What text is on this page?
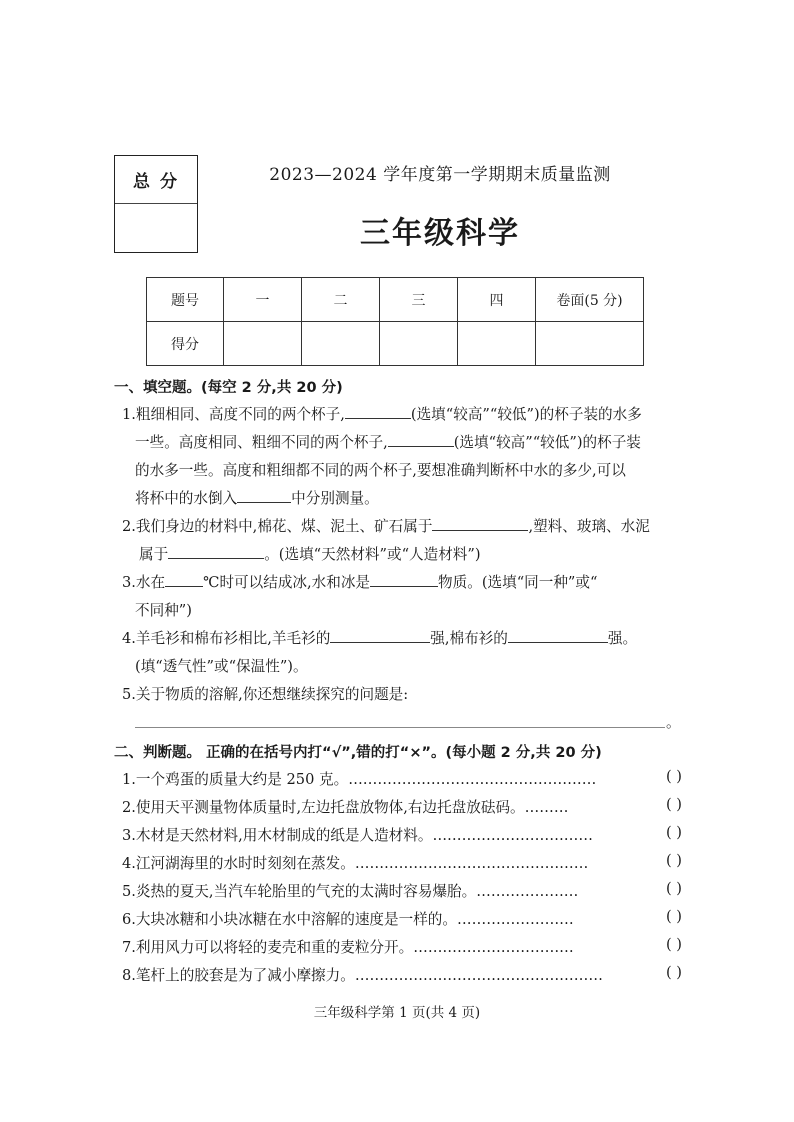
总分	2023—2024 学年度第一学期期末质量监测
三年级科学
题号	一	二	三	四	卷面(5 分)
得分					
一、填空题。(每空 2 分,共 20 分)
1.粗细相同、高度不同的两个杯子,	(选填“较高”“较低”)的杯子装的水多
一些。高度相同、粗细不同的两个杯子,	(选填“较高”“较低”)的杯子装
的水多一些。高度和粗细都不同的两个杯子,要想准确判断杯中水的多少,可以
将杯中的水倒入	中分别测量。
2.我们身边的材料中,棉花、煤、泥土、矿石属于	,塑料、玻璃、水泥
属于	。(选填“天然材料”或“人造材料”)
3.水在	℃时可以结成冰,水和冰是	物质。(选填“同一种”或“
不同种”)
4.羊毛衫和棉布衫相比,羊毛衫的	强,棉布衫的	强。
(填“透气性”或“保温性”)。
5.关于物质的溶解,你还想继续探究的问题是:
。
二、判断题。 正确的在括号内打“√”,错的打“×”。(每小题 2 分,共 20 分)
1.一个鸡蛋的质量大约是 250 克。……………………………………………	( )
2.使用天平测量物体质量时,左边托盘放物体,右边托盘放砝码。………	( )
3.木材是天然材料,用木材制成的纸是人造材料。……………………………	( )
4.江河湖海里的水时时刻刻在蒸发。…………………………………………	( )
5.炎热的夏天,当汽车轮胎里的气充的太满时容易爆胎。…………………	( )
6.大块冰糖和小块冰糖在水中溶解的速度是一样的。……………………	( )
7.利用风力可以将轻的麦壳和重的麦粒分开。……………………………	( )
8.笔杆上的胶套是为了减小摩擦力。……………………………………………	( )
三年级科学第 1 页(共 4 页)
